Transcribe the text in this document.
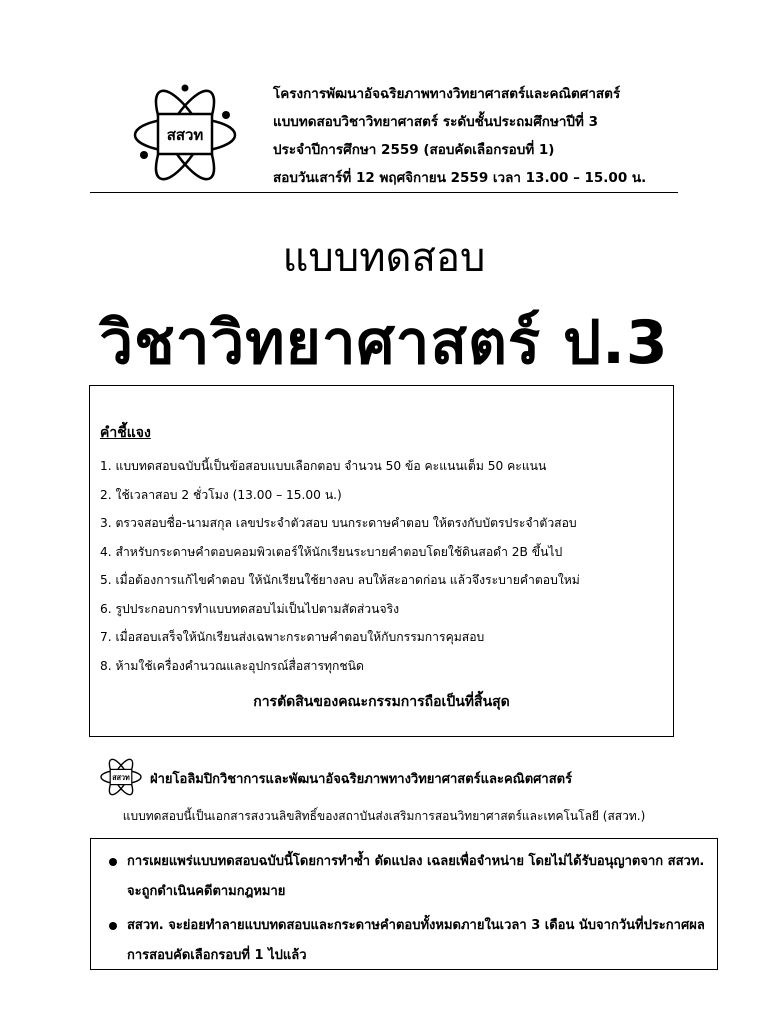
สสวท
โครงการพัฒนาอัจฉริยภาพทางวิทยาศาสตร์และคณิตศาสตร์
แบบทดสอบวิชาวิทยาศาสตร์ ระดับชั้นประถมศึกษาปีที่ 3
ประจำปีการศึกษา 2559 (สอบคัดเลือกรอบที่ 1)
สอบวันเสาร์ที่ 12 พฤศจิกายน 2559 เวลา 13.00 – 15.00 น.
แบบทดสอบ
วิชาวิทยาศาสตร์ ป.3
คำชี้แจง
1. แบบทดสอบฉบับนี้เป็นข้อสอบแบบเลือกตอบ จำนวน 50 ข้อ คะแนนเต็ม 50 คะแนน
2. ใช้เวลาสอบ 2 ชั่วโมง (13.00 – 15.00 น.)
3. ตรวจสอบชื่อ-นามสกุล เลขประจำตัวสอบ บนกระดาษคำตอบ ให้ตรงกับบัตรประจำตัวสอบ
4. สำหรับกระดาษคำตอบคอมพิวเตอร์ให้นักเรียนระบายคำตอบโดยใช้ดินสอดำ 2B ขึ้นไป
5. เมื่อต้องการแก้ไขคำตอบ ให้นักเรียนใช้ยางลบ ลบให้สะอาดก่อน แล้วจึงระบายคำตอบใหม่
6. รูปประกอบการทำแบบทดสอบไม่เป็นไปตามสัดส่วนจริง
7. เมื่อสอบเสร็จให้นักเรียนส่งเฉพาะกระดาษคำตอบให้กับกรรมการคุมสอบ
8. ห้ามใช้เครื่องคำนวณและอุปกรณ์สื่อสารทุกชนิด
การตัดสินของคณะกรรมการถือเป็นที่สิ้นสุด
สสวท ฝ่ายโอลิมปิกวิชาการและพัฒนาอัจฉริยภาพทางวิทยาศาสตร์และคณิตศาสตร์
แบบทดสอบนี้เป็นเอกสารสงวนลิขสิทธิ์ของสถาบันส่งเสริมการสอนวิทยาศาสตร์และเทคโนโลยี (สสวท.)
การเผยแพร่แบบทดสอบฉบับนี้โดยการทำซ้ำ ดัดแปลง เฉลยเพื่อจำหน่าย โดยไม่ได้รับอนุญาตจาก สสวท. จะถูกดำเนินคดีตามกฎหมาย
สสวท. จะย่อยทำลายแบบทดสอบและกระดาษคำตอบทั้งหมดภายในเวลา 3 เดือน นับจากวันที่ประกาศผลการสอบคัดเลือกรอบที่ 1 ไปแล้ว
